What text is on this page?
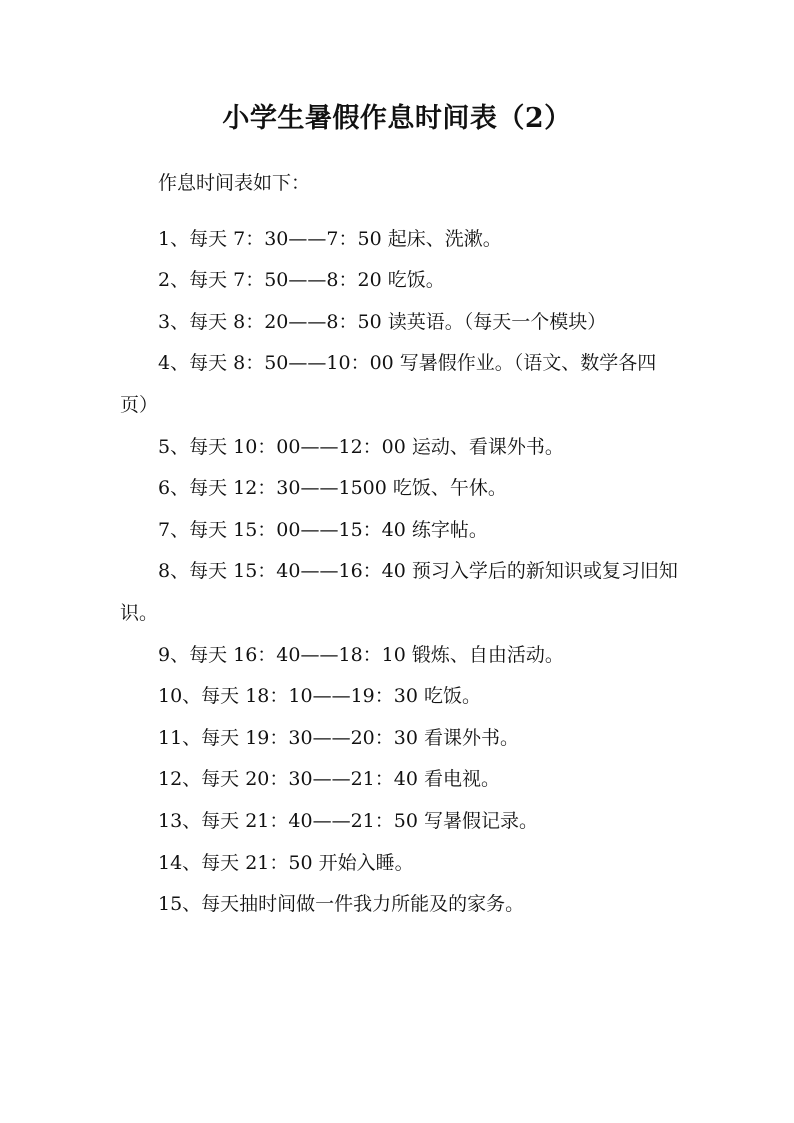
小学生暑假作息时间表（2）

作息时间表如下：

1、每天 7：30——7：50 起床、洗漱。

2、每天 7：50——8：20 吃饭。

3、每天 8：20——8：50 读英语。（每天一个模块）

4、每天 8：50——10：00 写暑假作业。（语文、数学各四页）

5、每天 10：00——12：00 运动、看课外书。

6、每天 12：30——1500 吃饭、午休。

7、每天 15：00——15：40 练字帖。

8、每天 15：40——16：40 预习入学后的新知识或复习旧知识。

9、每天 16：40——18：10 锻炼、自由活动。

10、每天 18：10——19：30 吃饭。

11、每天 19：30——20：30 看课外书。

12、每天 20：30——21：40 看电视。

13、每天 21：40——21：50 写暑假记录。

14、每天 21：50 开始入睡。

15、每天抽时间做一件我力所能及的家务。
